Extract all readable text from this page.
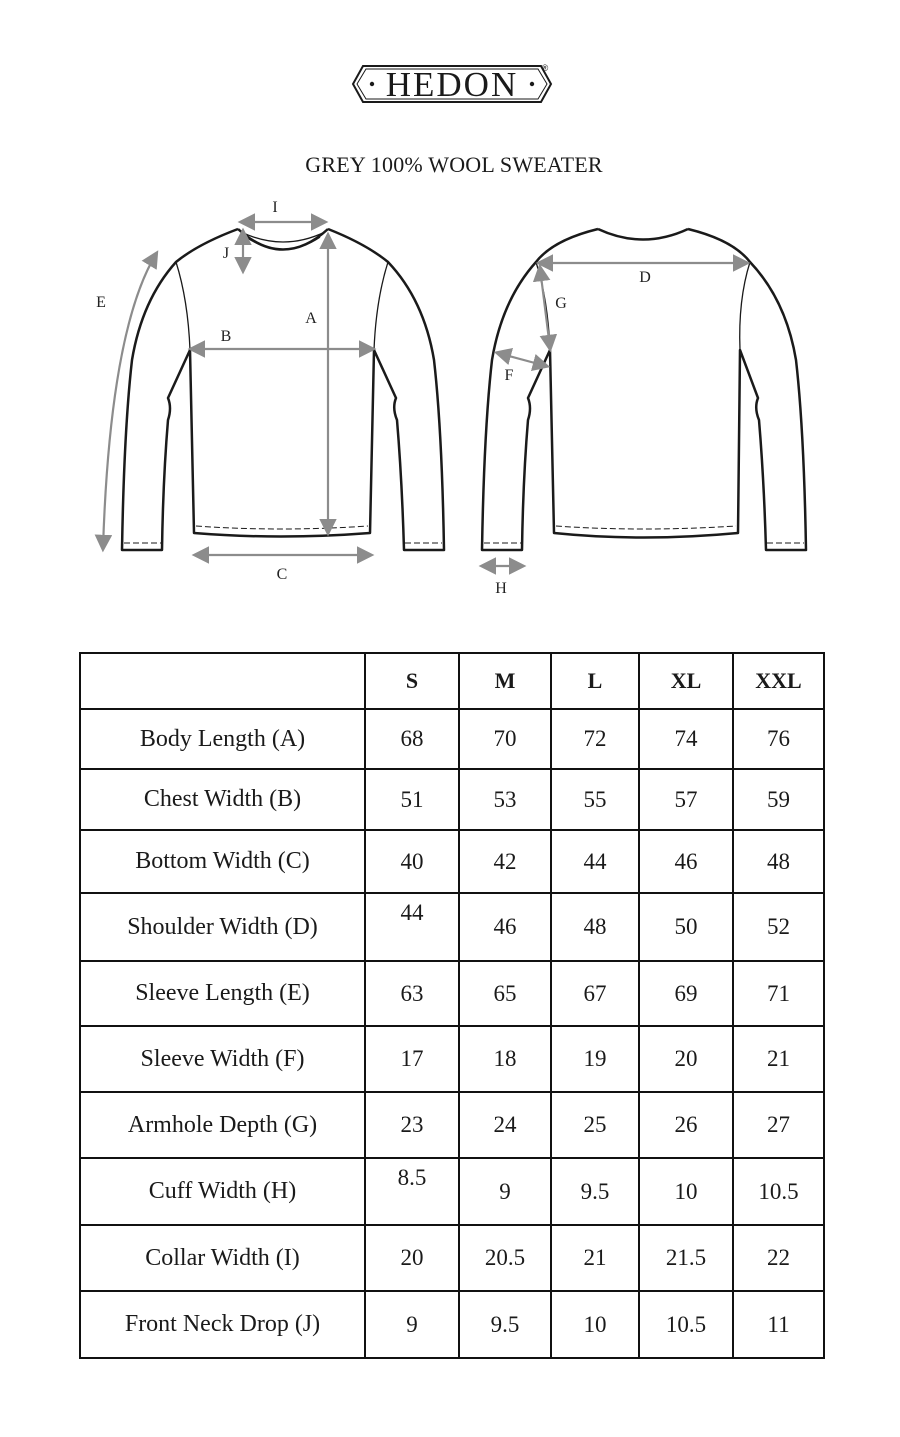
HEDON	®
GREY 100% WOOL SWEATER
I
J
A
B
C
E
D
G
F
H
	S	M	L	XL	XXL
Body Length (A)	68	70	72	74	76
Chest Width (B)	51	53	55	57	59
Bottom Width (C)	40	42	44	46	48
Shoulder Width (D)	44	46	48	50	52
Sleeve Length (E)	63	65	67	69	71
Sleeve Width (F)	17	18	19	20	21
Armhole Depth (G)	23	24	25	26	27
Cuff Width (H)	8.5	9	9.5	10	10.5
Collar Width (I)	20	20.5	21	21.5	22
Front Neck Drop (J)	9	9.5	10	10.5	11
